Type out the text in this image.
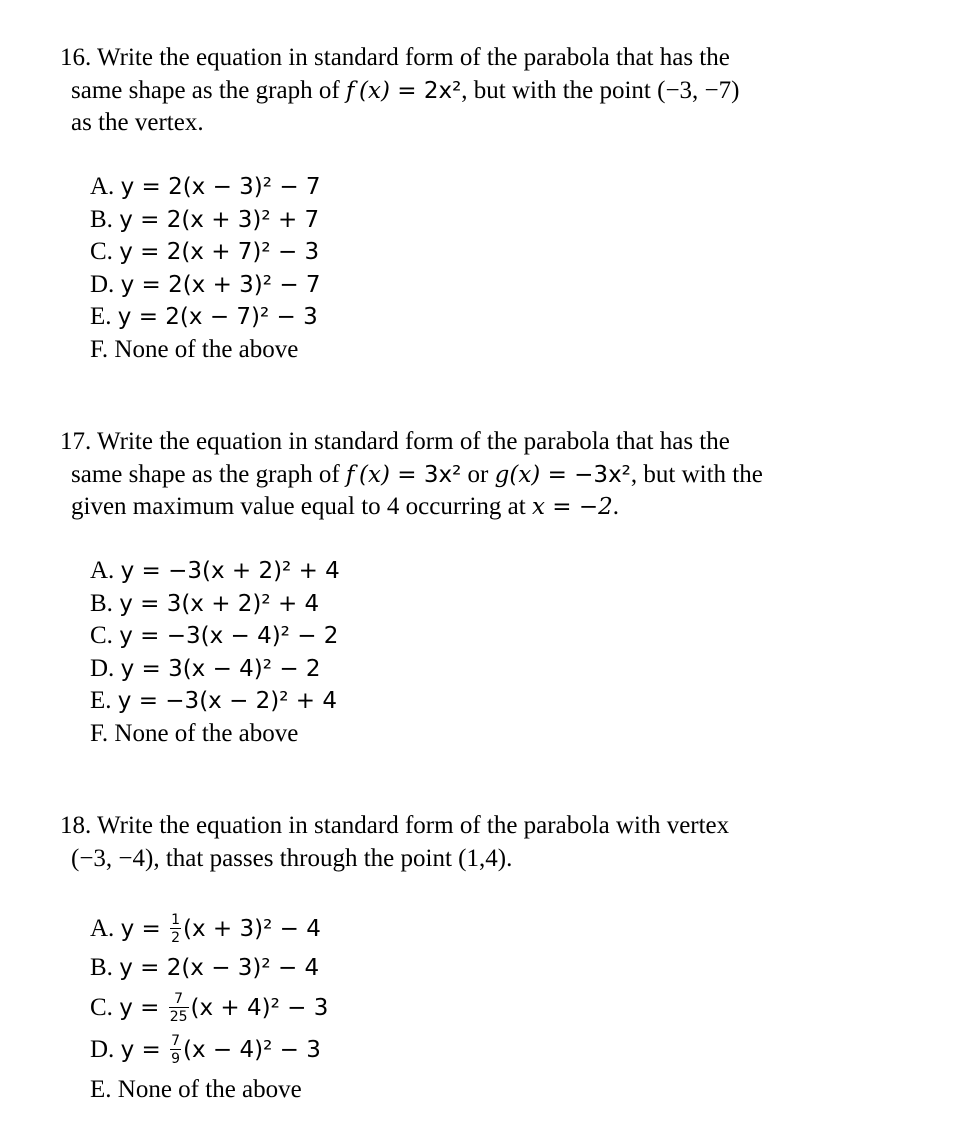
16. Write the equation in standard form of the parabola that has the
same shape as the graph of f (x) = 2x², but with the point (−3, −7)
as the vertex.
A. y = 2(x − 3)² − 7
B. y = 2(x + 3)² + 7
C. y = 2(x + 7)² − 3
D. y = 2(x + 3)² − 7
E. y = 2(x − 7)² − 3
F. None of the above
17. Write the equation in standard form of the parabola that has the
same shape as the graph of f (x) = 3x² or g(x) = −3x², but with the
given maximum value equal to 4 occurring at x = −2.
A. y = −3(x + 2)² + 4
B. y = 3(x + 2)² + 4
C. y = −3(x − 4)² − 2
D. y = 3(x − 4)² − 2
E. y = −3(x − 2)² + 4
F. None of the above
18. Write the equation in standard form of the parabola with vertex
(−3, −4), that passes through the point (1,4).
A. $y = \frac{1}{2} (x + 3)^2 - 4$
B. y = 2(x − 3)² − 4
C. $y = \frac{7}{25} (x + 4)^2 - 3$
D. $y = \frac{7}{9} (x - 4)^2 - 3$
E. None of the above
